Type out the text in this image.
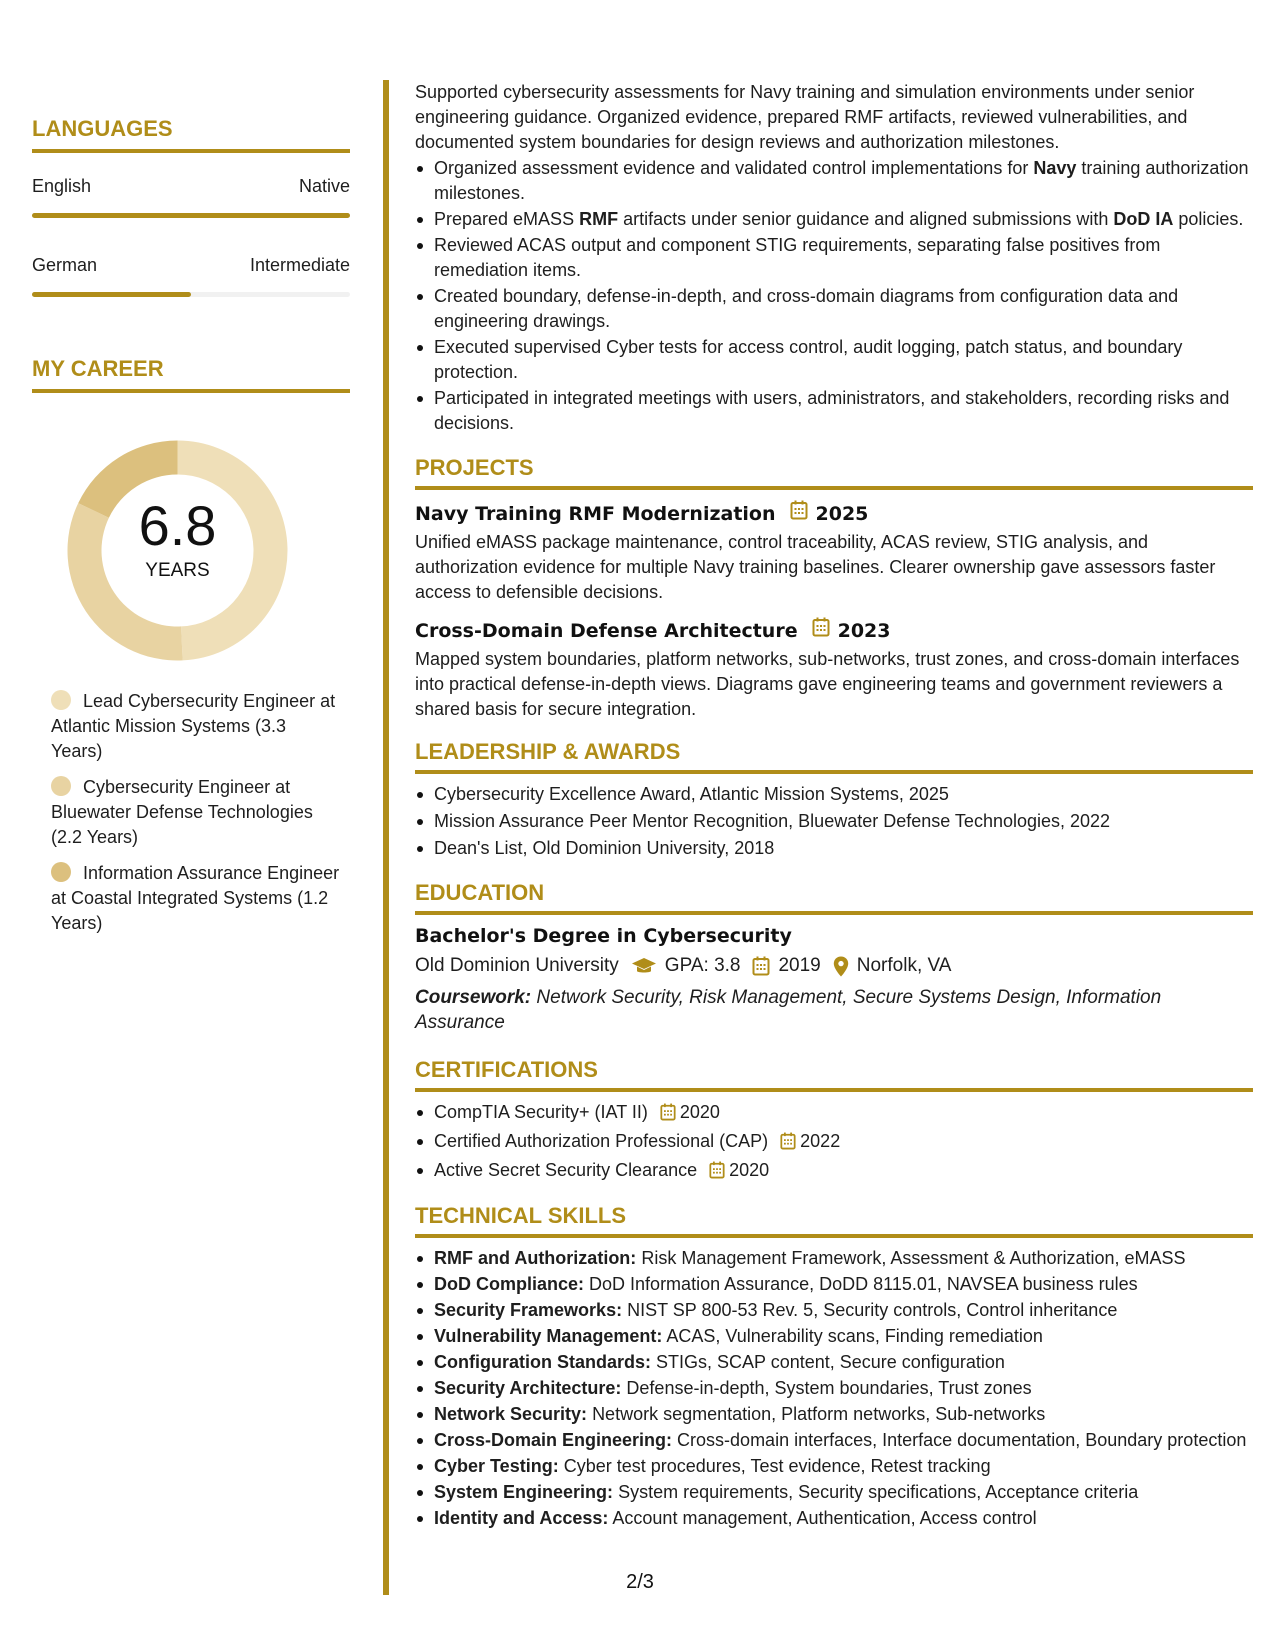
LANGUAGES
English	Native
German	Intermediate
MY CAREER
6.8
YEARS
Lead Cybersecurity Engineer at Atlantic Mission Systems (3.3 Years)
Cybersecurity Engineer at Bluewater Defense Technologies (2.2 Years)
Information Assurance Engineer at Coastal Integrated Systems (1.2 Years)
Supported cybersecurity assessments for Navy training and simulation environments under senior engineering guidance. Organized evidence, prepared RMF artifacts, reviewed vulnerabilities, and documented system boundaries for design reviews and authorization milestones.
Organized assessment evidence and validated control implementations for Navy training authorization milestones.
Prepared eMASS RMF artifacts under senior guidance and aligned submissions with DoD IA policies.
Reviewed ACAS output and component STIG requirements, separating false positives from remediation items.
Created boundary, defense-in-depth, and cross-domain diagrams from configuration data and engineering drawings.
Executed supervised Cyber tests for access control, audit logging, patch status, and boundary protection.
Participated in integrated meetings with users, administrators, and stakeholders, recording risks and decisions.
PROJECTS
Navy Training RMF Modernization 2025
Unified eMASS package maintenance, control traceability, ACAS review, STIG analysis, and authorization evidence for multiple Navy training baselines. Clearer ownership gave assessors faster access to defensible decisions.
Cross-Domain Defense Architecture 2023
Mapped system boundaries, platform networks, sub-networks, trust zones, and cross-domain interfaces into practical defense-in-depth views. Diagrams gave engineering teams and government reviewers a shared basis for secure integration.
LEADERSHIP & AWARDS
Cybersecurity Excellence Award, Atlantic Mission Systems, 2025
Mission Assurance Peer Mentor Recognition, Bluewater Defense Technologies, 2022
Dean's List, Old Dominion University, 2018
EDUCATION
Bachelor's Degree in Cybersecurity
Old Dominion University GPA: 3.8 2019 Norfolk, VA
Coursework: Network Security, Risk Management, Secure Systems Design, Information Assurance
CERTIFICATIONS
CompTIA Security+ (IAT II) 2020
Certified Authorization Professional (CAP) 2022
Active Secret Security Clearance 2020
TECHNICAL SKILLS
RMF and Authorization: Risk Management Framework, Assessment & Authorization, eMASS
DoD Compliance: DoD Information Assurance, DoDD 8115.01, NAVSEA business rules
Security Frameworks: NIST SP 800-53 Rev. 5, Security controls, Control inheritance
Vulnerability Management: ACAS, Vulnerability scans, Finding remediation
Configuration Standards: STIGs, SCAP content, Secure configuration
Security Architecture: Defense-in-depth, System boundaries, Trust zones
Network Security: Network segmentation, Platform networks, Sub-networks
Cross-Domain Engineering: Cross-domain interfaces, Interface documentation, Boundary protection
Cyber Testing: Cyber test procedures, Test evidence, Retest tracking
System Engineering: System requirements, Security specifications, Acceptance criteria
Identity and Access: Account management, Authentication, Access control
2/3
